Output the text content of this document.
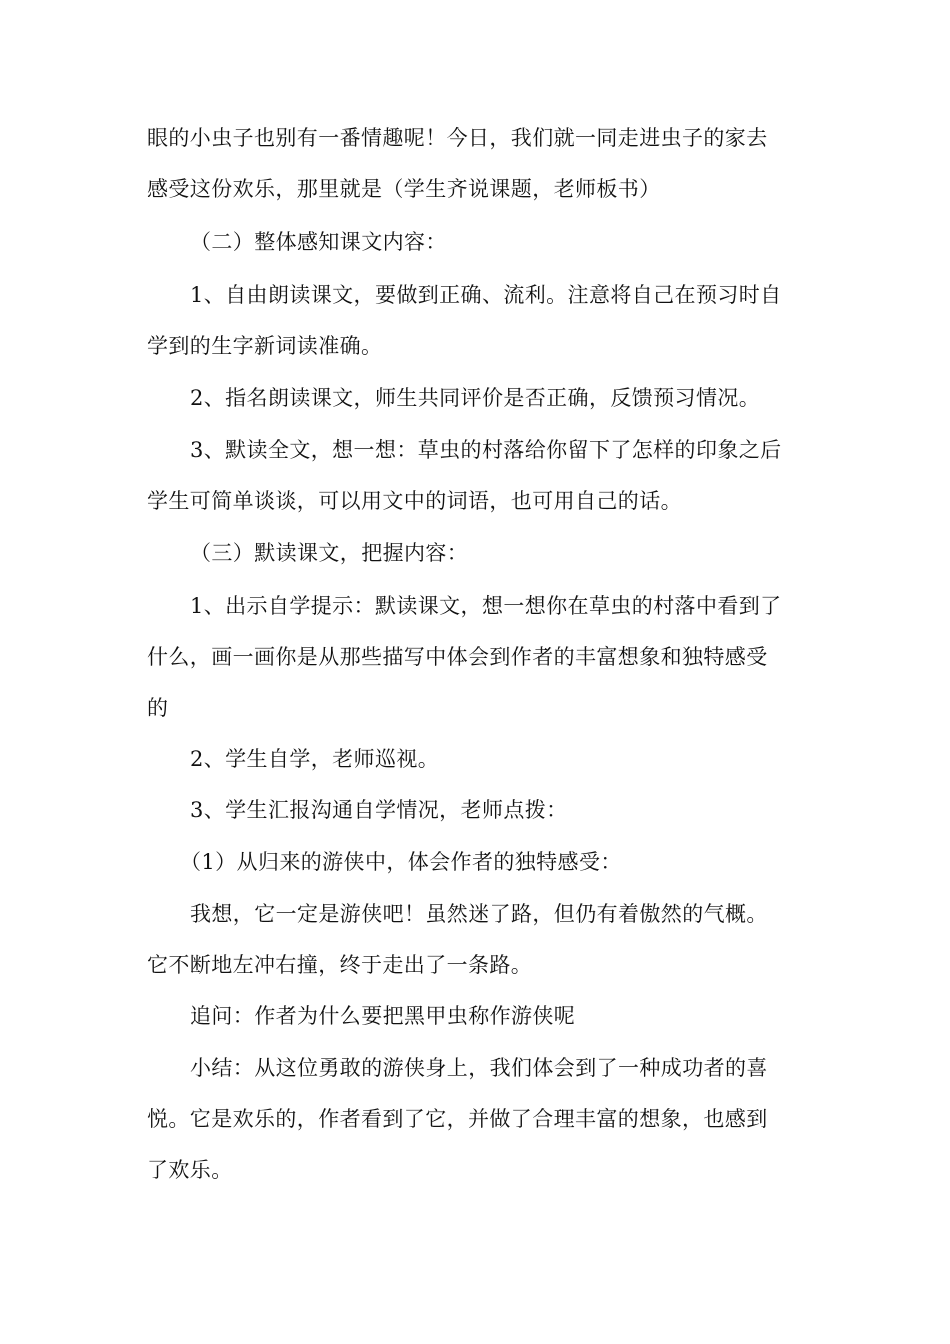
眼的小虫子也别有一番情趣呢！今日，我们就一同走进虫子的家去
感受这份欢乐，那里就是（学生齐说课题，老师板书）
（二）整体感知课文内容：
1、自由朗读课文，要做到正确、流利。注意将自己在预习时自
学到的生字新词读准确。
2、指名朗读课文，师生共同评价是否正确，反馈预习情况。
3、默读全文，想一想：草虫的村落给你留下了怎样的印象之后
学生可简单谈谈，可以用文中的词语，也可用自己的话。
（三）默读课文，把握内容：
1、出示自学提示：默读课文，想一想你在草虫的村落中看到了
什么，画一画你是从那些描写中体会到作者的丰富想象和独特感受
的
2、学生自学，老师巡视。
3、学生汇报沟通自学情况，老师点拨：
（1）从归来的游侠中，体会作者的独特感受：
我想，它一定是游侠吧！虽然迷了路，但仍有着傲然的气概。
它不断地左冲右撞，终于走出了一条路。
追问：作者为什么要把黑甲虫称作游侠呢
小结：从这位勇敢的游侠身上，我们体会到了一种成功者的喜
悦。它是欢乐的，作者看到了它，并做了合理丰富的想象，也感到
了欢乐。
